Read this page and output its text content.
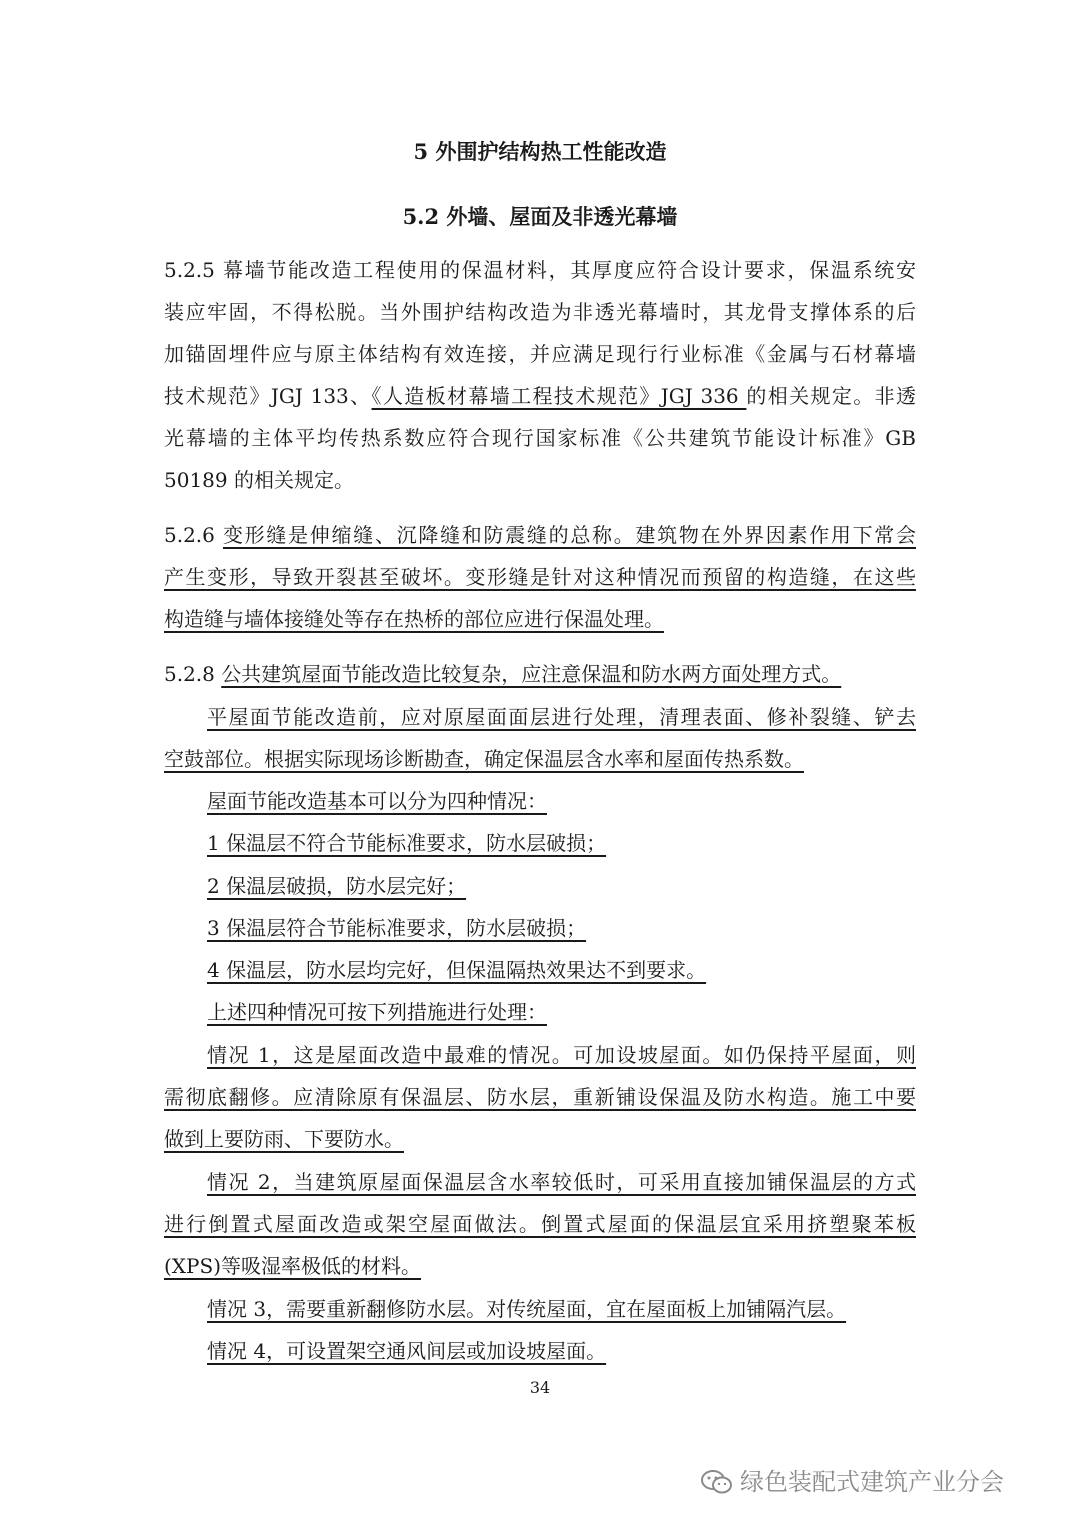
5 外围护结构热工性能改造
5.2 外墙、屋面及非透光幕墙
5.2.5 幕墙节能改造工程使用的保温材料，其厚度应符合设计要求，保温系统安
装应牢固，不得松脱。当外围护结构改造为非透光幕墙时，其龙骨支撑体系的后
加锚固埋件应与原主体结构有效连接，并应满足现行行业标准《金属与石材幕墙
技术规范》JGJ 133、《人造板材幕墙工程技术规范》JGJ 336 的相关规定。非透
光幕墙的主体平均传热系数应符合现行国家标准《公共建筑节能设计标准》GB
50189 的相关规定。
5.2.6 变形缝是伸缩缝、沉降缝和防震缝的总称。建筑物在外界因素作用下常会
产生变形，导致开裂甚至破坏。变形缝是针对这种情况而预留的构造缝，在这些
构造缝与墙体接缝处等存在热桥的部位应进行保温处理。
5.2.8 公共建筑屋面节能改造比较复杂，应注意保温和防水两方面处理方式。
平屋面节能改造前，应对原屋面面层进行处理，清理表面、修补裂缝、铲去
空鼓部位。根据实际现场诊断勘查，确定保温层含水率和屋面传热系数。
屋面节能改造基本可以分为四种情况：
1 保温层不符合节能标准要求，防水层破损；
2 保温层破损，防水层完好；
3 保温层符合节能标准要求，防水层破损；
4 保温层，防水层均完好，但保温隔热效果达不到要求。
上述四种情况可按下列措施进行处理：
情况 1，这是屋面改造中最难的情况。可加设坡屋面。如仍保持平屋面，则
需彻底翻修。应清除原有保温层、防水层，重新铺设保温及防水构造。施工中要
做到上要防雨、下要防水。
情况 2，当建筑原屋面保温层含水率较低时，可采用直接加铺保温层的方式
进行倒置式屋面改造或架空屋面做法。倒置式屋面的保温层宜采用挤塑聚苯板
(XPS)等吸湿率极低的材料。
情况 3，需要重新翻修防水层。对传统屋面，宜在屋面板上加铺隔汽层。
情况 4，可设置架空通风间层或加设坡屋面。
34
绿色装配式建筑产业分会
